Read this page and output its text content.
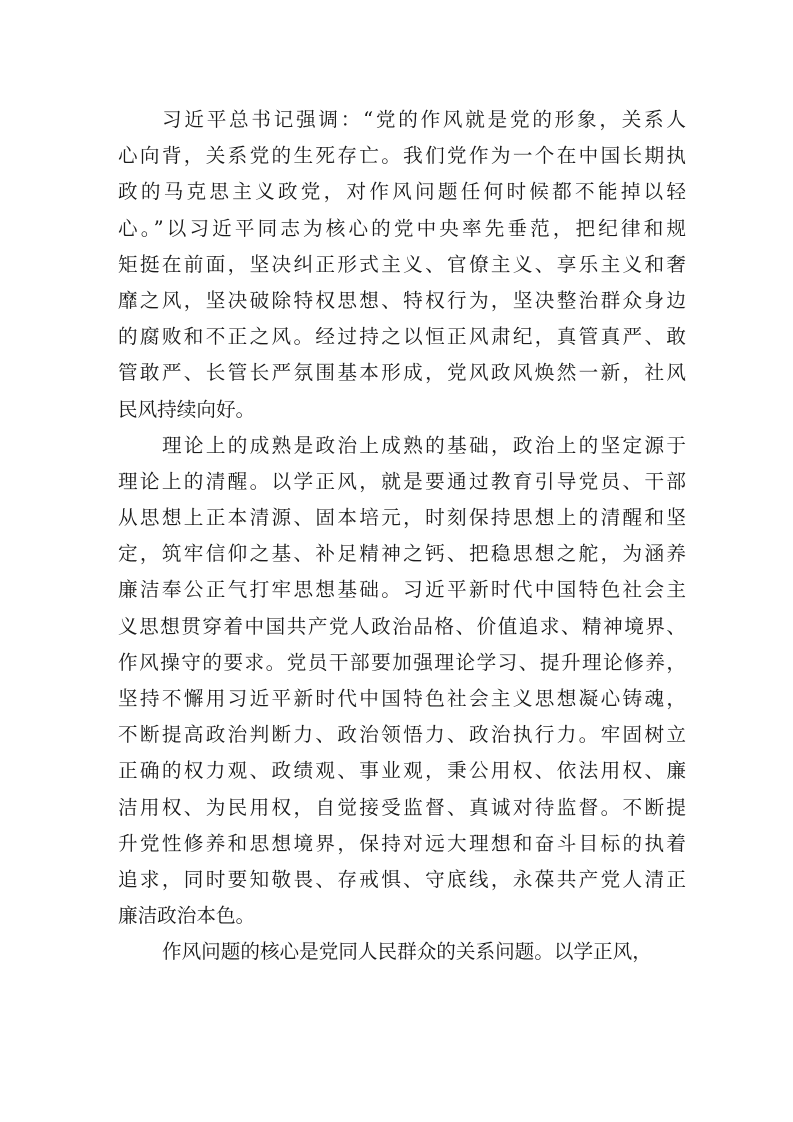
习近平总书记强调：“党的作风就是党的形象，关系人
心向背，关系党的生死存亡。我们党作为一个在中国长期执
政的马克思主义政党，对作风问题任何时候都不能掉以轻
心。”以习近平同志为核心的党中央率先垂范，把纪律和规
矩挺在前面，坚决纠正形式主义、官僚主义、享乐主义和奢
靡之风，坚决破除特权思想、特权行为，坚决整治群众身边
的腐败和不正之风。经过持之以恒正风肃纪，真管真严、敢
管敢严、长管长严氛围基本形成，党风政风焕然一新，社风
民风持续向好。
理论上的成熟是政治上成熟的基础，政治上的坚定源于
理论上的清醒。以学正风，就是要通过教育引导党员、干部
从思想上正本清源、固本培元，时刻保持思想上的清醒和坚
定，筑牢信仰之基、补足精神之钙、把稳思想之舵，为涵养
廉洁奉公正气打牢思想基础。习近平新时代中国特色社会主
义思想贯穿着中国共产党人政治品格、价值追求、精神境界、
作风操守的要求。党员干部要加强理论学习、提升理论修养，
坚持不懈用习近平新时代中国特色社会主义思想凝心铸魂，
不断提高政治判断力、政治领悟力、政治执行力。牢固树立
正确的权力观、政绩观、事业观，秉公用权、依法用权、廉
洁用权、为民用权，自觉接受监督、真诚对待监督。不断提
升党性修养和思想境界，保持对远大理想和奋斗目标的执着
追求，同时要知敬畏、存戒惧、守底线，永葆共产党人清正
廉洁政治本色。
作风问题的核心是党同人民群众的关系问题。以学正风，
